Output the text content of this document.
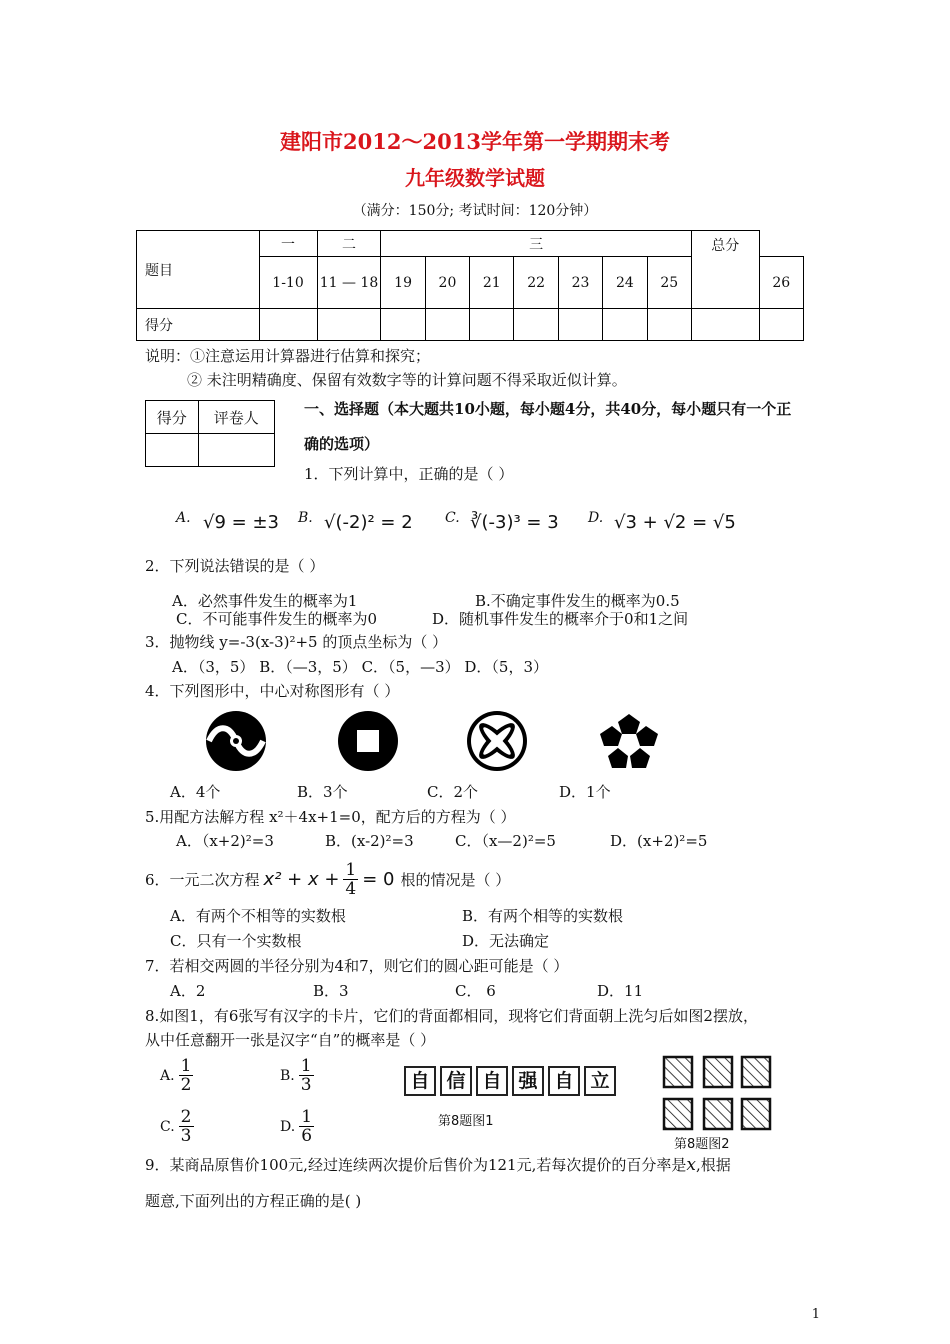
建阳市2012～2013学年第一学期期末考
九年级数学试题
（满分：150分; 考试时间：120分钟）
题目	一	二	三							总分	
	1-10	11 — 18	19	20	21	22	23	24	25		26
得分											
说明：①注意运用计算器进行估算和探究；
② 未注明精确度、保留有效数字等的计算问题不得采取近似计算。
得分	评卷人
		一、选择题（本大题共10小题，每小题4分，共40分，每小题只有一个正
确的选项）
1．下列计算中，正确的是（ ）
A. √9 = ±3 B. √(-2)² = 2 C. ∛(-3)³ = 3 D. √3 + √2 = √5
2．下列说法错误的是（ ）
A．必然事件发生的概率为1	B.不确定事件发生的概率为0.5
C．不可能事件发生的概率为0	D．随机事件发生的概率介于0和1之间
3．抛物线 y=-3(x-3)²+5 的顶点坐标为（ ）
A．（3，5） B．（—3，5） C．（5，—3） D．（5，3）
4．下列图形中，中心对称图形有（ ）
A．4个	B．3个	C．2个	D．1个
5.用配方法解方程 x²＋4x+1=0，配方后的方程为（ ）
A．（x+2)²=3	B．(x-2)²=3	C．（x—2)²=5	D．(x+2)²=5
6．一元二次方程 $x^2 + x + \frac{1}{4} = 0$ 根的情况是（ ）
A．有两个不相等的实数根	B．有两个相等的实数根
C．只有一个实数根	D．无法确定
7．若相交两圆的半径分别为4和7，则它们的圆心距可能是（ ）
A．2	B．3	C． 6	D．11
8.如图1，有6张写有汉字的卡片，它们的背面都相同，现将它们背面朝上洗匀后如图2摆放，
从中任意翻开一张是汉字“自”的概率是（ ）
A. $\frac{1}{2}$	B. $\frac{1}{3}$
C. $\frac{2}{3}$	D. $\frac{1}{6}$
自 信 自 强 自 立
第8题图1
第8题图2
9．某商品原售价100元,经过连续两次提价后售价为121元,若每次提价的百分率是x,根据
题意,下面列出的方程正确的是( )
1
